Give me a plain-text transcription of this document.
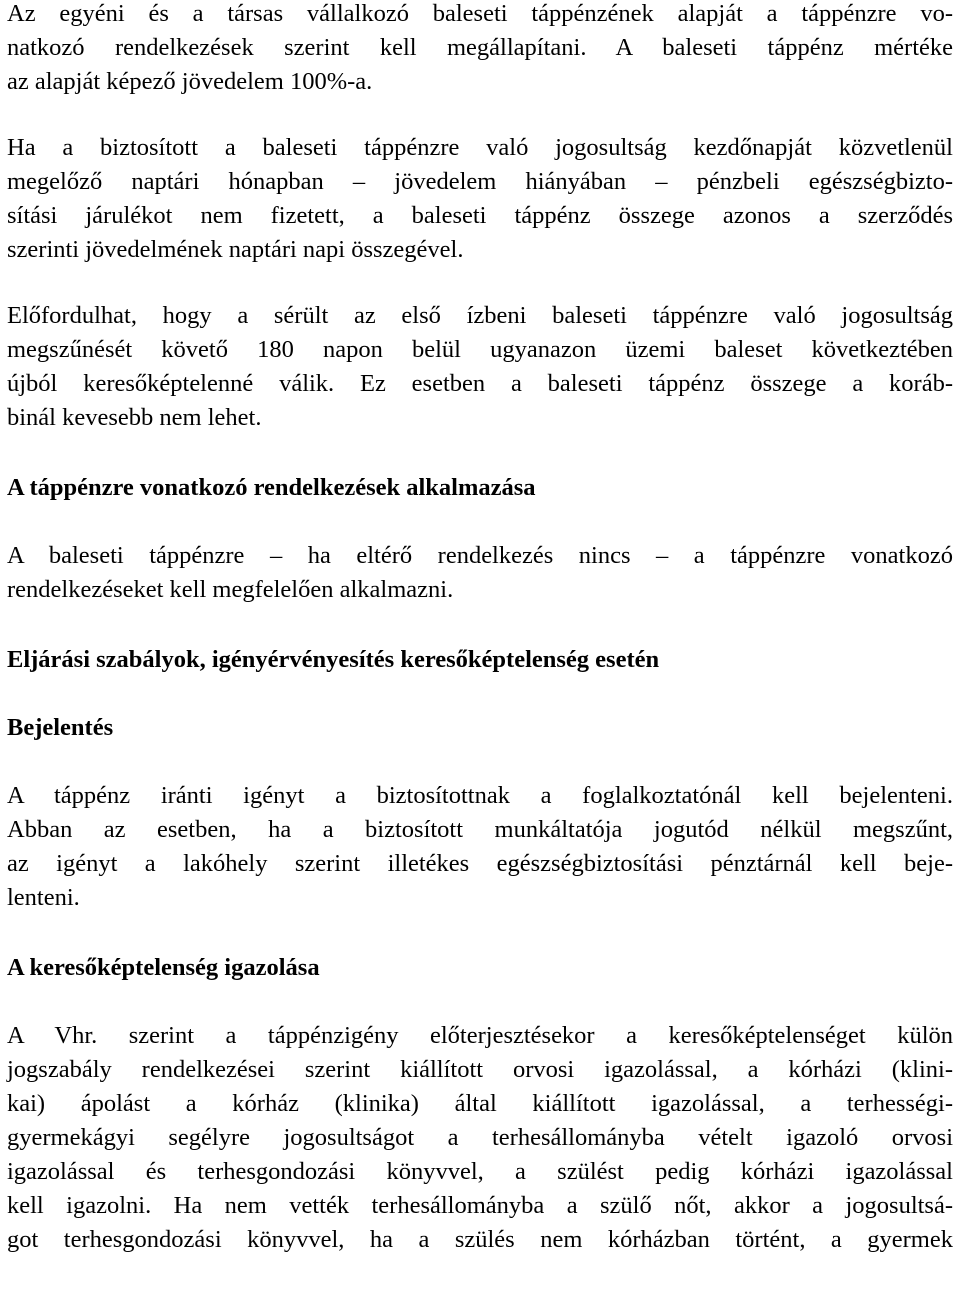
Az egyéni és a társas vállalkozó baleseti táppénzének alapját a táppénzre vo-
natkozó rendelkezések szerint kell megállapítani. A baleseti táppénz mértéke
az alapját képező jövedelem 100%-a.
Ha a biztosított a baleseti táppénzre való jogosultság kezdőnapját közvetlenül
megelőző naptári hónapban – jövedelem hiányában – pénzbeli egészségbizto-
sítási járulékot nem fizetett, a baleseti táppénz összege azonos a szerződés
szerinti jövedelmének naptári napi összegével.
Előfordulhat, hogy a sérült az első ízbeni baleseti táppénzre való jogosultság
megszűnését követő 180 napon belül ugyanazon üzemi baleset következtében
újból keresőképtelenné válik. Ez esetben a baleseti táppénz összege a koráb-
binál kevesebb nem lehet.
A táppénzre vonatkozó rendelkezések alkalmazása
A baleseti táppénzre – ha eltérő rendelkezés nincs – a táppénzre vonatkozó
rendelkezéseket kell megfelelően alkalmazni.
Eljárási szabályok, igényérvényesítés keresőképtelenség esetén
Bejelentés
A táppénz iránti igényt a biztosítottnak a foglalkoztatónál kell bejelenteni.
Abban az esetben, ha a biztosított munkáltatója jogutód nélkül megszűnt,
az igényt a lakóhely szerint illetékes egészségbiztosítási pénztárnál kell beje-
lenteni.
A keresőképtelenség igazolása
A Vhr. szerint a táppénzigény előterjesztésekor a keresőképtelenséget külön
jogszabály rendelkezései szerint kiállított orvosi igazolással, a kórházi (klini-
kai) ápolást a kórház (klinika) által kiállított igazolással, a terhességi-
gyermekágyi segélyre jogosultságot a terhesállományba vételt igazoló orvosi
igazolással és terhesgondozási könyvvel, a szülést pedig kórházi igazolással
kell igazolni. Ha nem vették terhesállományba a szülő nőt, akkor a jogosultsá-
got terhesgondozási könyvvel, ha a szülés nem kórházban történt, a gyermek
